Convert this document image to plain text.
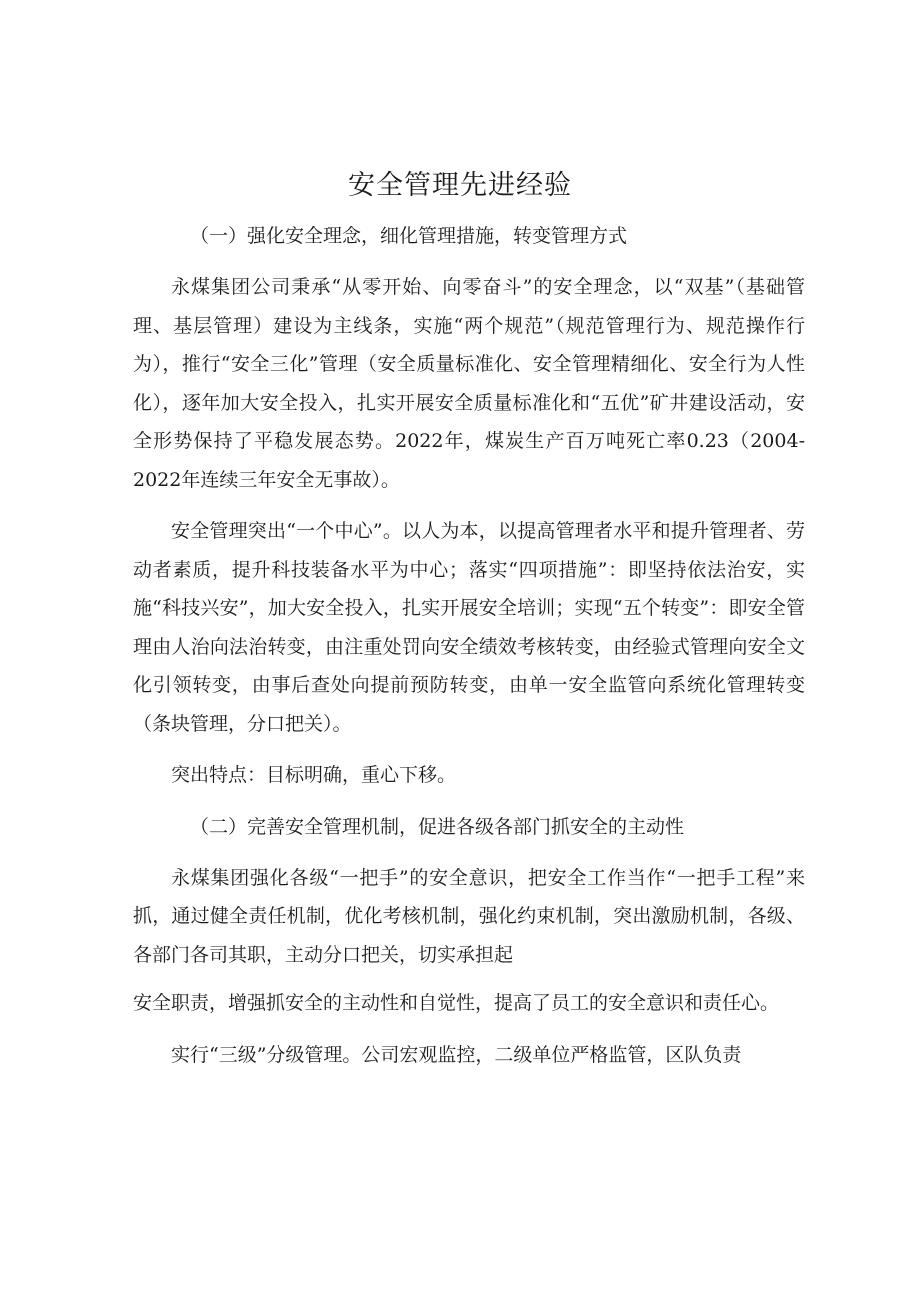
安全管理先进经验

（一）强化安全理念，细化管理措施，转变管理方式

永煤集团公司秉承“从零开始、向零奋斗”的安全理念，以“双基”（基础管理、基层管理）建设为主线条，实施“两个规范”（规范管理行为、规范操作行为），推行“安全三化”管理（安全质量标准化、安全管理精细化、安全行为人性化），逐年加大安全投入，扎实开展安全质量标准化和“五优”矿井建设活动，安全形势保持了平稳发展态势。2022年，煤炭生产百万吨死亡率0.23（2004-2022年连续三年安全无事故）。

安全管理突出“一个中心”。以人为本，以提高管理者水平和提升管理者、劳动者素质，提升科技装备水平为中心；落实“四项措施”：即坚持依法治安，实施“科技兴安”，加大安全投入，扎实开展安全培训；实现“五个转变”：即安全管理由人治向法治转变，由注重处罚向安全绩效考核转变，由经验式管理向安全文化引领转变，由事后查处向提前预防转变，由单一安全监管向系统化管理转变（条块管理，分口把关）。

突出特点：目标明确，重心下移。

（二）完善安全管理机制，促进各级各部门抓安全的主动性

永煤集团强化各级“一把手”的安全意识，把安全工作当作“一把手工程”来抓，通过健全责任机制，优化考核机制，强化约束机制，突出激励机制，各级、各部门各司其职，主动分口把关，切实承担起

安全职责，增强抓安全的主动性和自觉性，提高了员工的安全意识和责任心。

实行“三级”分级管理。公司宏观监控，二级单位严格监管，区队负责
